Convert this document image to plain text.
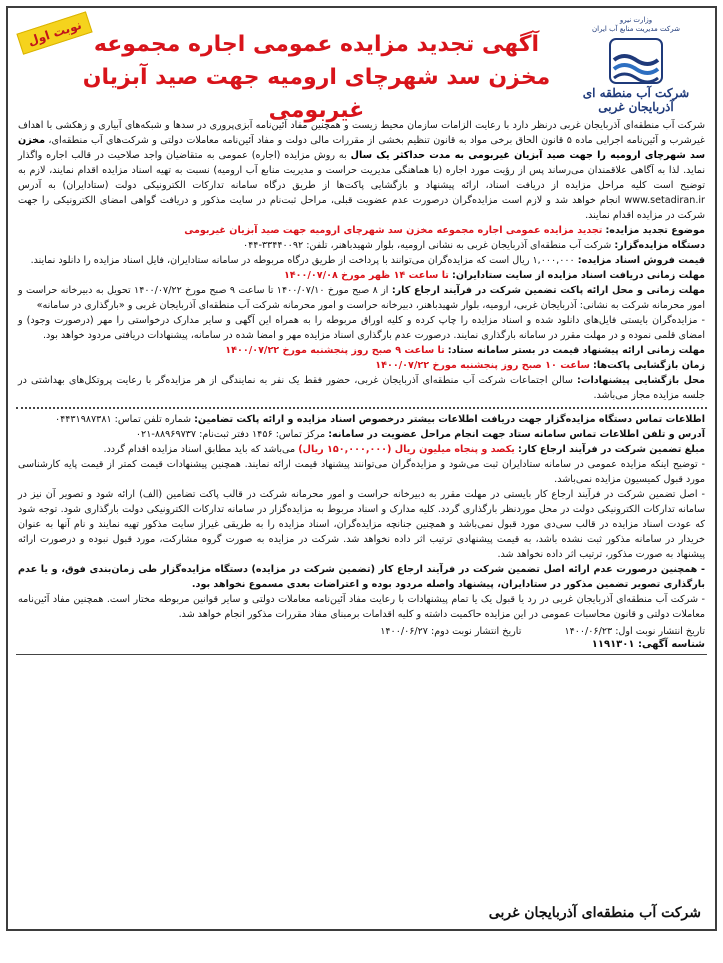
وزارت نیرو
شرکت مدیریت منابع آب ایران
شرکت آب منطقه ای آذربایجان غربی
آگهی تجدید مزایده عمومی اجاره مجموعه مخزن سد شهرچای ارومیه جهت صید آبزیان غیربومی
نوبت اول
شرکت آب منطقه‌ای آذربایجان غربی درنظر دارد با رعایت الزامات سازمان محیط زیست و همچنین مفاد آئین‌نامه آبزی‌پروری در سدها و شبکه‌های آبیاری و زهکشی با اهداف غیرشرب و آئین‌نامه اجرایی ماده ۵ قانون الحاق برخی مواد به قانون تنظیم بخشی از مقررات مالی دولت و مفاد آئین‌نامه معاملات دولتی و شرکت‌های آب منطقه‌ای، مخزن سد شهرچای ارومیه را جهت صید آبزیان غیربومی به مدت حداکثر یک سال به روش مزایده (اجاره) عمومی به متقاضیان واجد صلاحیت در قالب اجاره واگذار نماید. لذا به آگاهی علاقمندان می‌رساند پس از رؤیت مورد اجاره (با هماهنگی مدیریت حراست و مدیریت منابع آب ارومیه) نسبت به تهیه اسناد مزایده اقدام نمایند، لازم به توضیح است کلیه مراحل مزایده از دریافت اسناد، ارائه پیشنهاد و بازگشایی پاکت‌ها از طریق درگاه سامانه تدارکات الکترونیکی دولت (ستادایران) به آدرس www.setadiran.ir انجام خواهد شد و لازم است مزایده‌گران درصورت عدم عضویت قبلی، مراحل ثبت‌نام در سایت مذکور و دریافت گواهی امضای الکترونیکی را جهت شرکت در مزایده اقدام نمایند.

موضوع تجدید مزایده: تجدید مزایده عمومی اجاره مجموعه مخزن سد شهرچای ارومیه جهت صید آبزیان غیربومی

دستگاه مزایده‌گزار: شرکت آب منطقه‌ای آذربایجان غربی به نشانی ارومیه، بلوار شهیدباهنر، تلفن: ۳۳۴۴۰۰۹۲-۰۴۴

قیمت فروش اسناد مزایده: ۱,۰۰۰,۰۰۰ ریال است که مزایده‌گران می‌توانند با پرداخت از طریق درگاه مربوطه در سامانه ستادایران، فایل اسناد مزایده را دانلود نمایند.

مهلت زمانی دریافت اسناد مزایده از سایت ستادایران: تا ساعت ۱۴ ظهر مورخ ۱۴۰۰/۰۷/۰۸

مهلت زمانی و محل ارائه پاکت تضمین شرکت در فرآیند ارجاع کار: از ۸ صبح مورخ ۱۴۰۰/۰۷/۱۰ تا ساعت ۹ صبح مورخ ۱۴۰۰/۰۷/۲۲ تحویل به دبیرخانه حراست و امور محرمانه شرکت به نشانی: آذربایجان غربی، ارومیه، بلوار شهیدباهنر، دبیرخانه حراست و امور محرمانه شرکت آب منطقه‌ای آذربایجان غربی و «بارگذاری در سامانه»

- مزایده‌گران بایستی فایل‌های دانلود شده و اسناد مزایده را چاپ کرده و کلیه اوراق مربوطه را به همراه این آگهی و سایر مدارک درخواستی را مهر (درصورت وجود) و امضای قلمی نموده و در مهلت مقرر در سامانه بارگذاری نمایند. درصورت عدم بارگذاری اسناد مزایده مهر و امضا شده در سامانه، پیشنهادات دریافتی مردود خواهد بود.

مهلت زمانی ارائه پیشنهاد قیمت در بستر سامانه ستاد: تا ساعت ۹ صبح روز پنجشنبه مورخ ۱۴۰۰/۰۷/۲۲

زمان بازگشایی پاکت‌ها: ساعت ۱۰ صبح روز پنجشنبه مورخ ۱۴۰۰/۰۷/۲۲

محل بازگشایی پیشنهادات: سالن اجتماعات شرکت آب منطقه‌ای آذربایجان غربی، حضور فقط یک نفر به نمایندگی از هر مزایده‌گر با رعایت پروتکل‌های بهداشتی در جلسه مزایده مجاز می‌باشد.

اطلاعات تماس دستگاه مزایده‌گزار جهت دریافت اطلاعات بیشتر درخصوص اسناد مزایده و ارائه پاکت تضامین: شماره تلفن تماس: ۰۴۴۳۱۹۸۷۳۸۱

آدرس و تلفن اطلاعات تماس سامانه ستاد جهت انجام مراحل عضویت در سامانه: مرکز تماس: ۱۴۵۶ دفتر ثبت‌نام: ۸۸۹۶۹۷۳۷-۰۲۱

مبلغ تضمین شرکت در فرآیند ارجاع کار: یکصد و پنجاه میلیون ریال (۱۵۰,۰۰۰,۰۰۰ ریال) می‌باشد که باید مطابق اسناد مزایده اقدام گردد.

- توضیح اینکه مزایده عمومی در سامانه ستادایران ثبت می‌شود و مزایده‌گران می‌توانند پیشنهاد قیمت ارائه نمایند. همچنین پیشنهادات قیمت کمتر از قیمت پایه کارشناسی مورد قبول کمیسیون مزایده نمی‌باشد.

- اصل تضمین شرکت در فرآیند ارجاع کار بایستی در مهلت مقرر به دبیرخانه حراست و امور محرمانه شرکت در قالب پاکت تضامین (الف) ارائه شود و تصویر آن نیز در سامانه تدارکات الکترونیکی دولت در محل موردنظر بارگذاری گردد. کلیه مدارک و اسناد مربوط به مزایده‌گزار در سامانه تدارکات الکترونیکی دولت بارگذاری شود. توجه شود که عودت اسناد مزایده در قالب سی‌دی مورد قبول نمی‌باشد و همچنین جنانچه مزایده‌گران، اسناد مزایده را به طریقی غیراز سایت مذکور تهیه نمایند و نام آنها به عنوان خریدار در سامانه مذکور ثبت نشده باشد، به قیمت پیشنهادی ترتیب اثر داده نخواهد شد. شرکت در مزایده به صورت گروه مشارکت، مورد قبول نبوده و درصورت ارائه پیشنهاد به صورت مذکور، ترتیب اثر داده نخواهد شد.

- همچنین درصورت عدم ارائه اصل تضمین شرکت در فرآیند ارجاع کار (تضمین شرکت در مزایده) دستگاه مزایده‌گزار طی زمان‌بندی فوق، و یا عدم بارگذاری تصویر تضمین مذکور در ستادایران، پیشنهاد واصله مردود بوده و اعتراضات بعدی مسموع نخواهد بود.

- شرکت آب منطقه‌ای آذربایجان غربی در رد یا قبول یک یا تمام پیشنهادات با رعایت مفاد آئین‌نامه معاملات دولتی و سایر قوانین مربوطه مختار است. همچنین مفاد آئین‌نامه معاملات دولتی و قانون محاسبات عمومی در این مزایده حاکمیت داشته و کلیه اقدامات برمبنای مفاد مقررات مذکور انجام خواهد شد.

تاریخ انتشار نوبت اول: ۱۴۰۰/۰۶/۲۳ تاریخ انتشار نوبت دوم: ۱۴۰۰/۰۶/۲۷
شناسه آگهی: ۱۱۹۱۳۰۱
شرکت آب منطقه‌ای آذربایجان غربی
